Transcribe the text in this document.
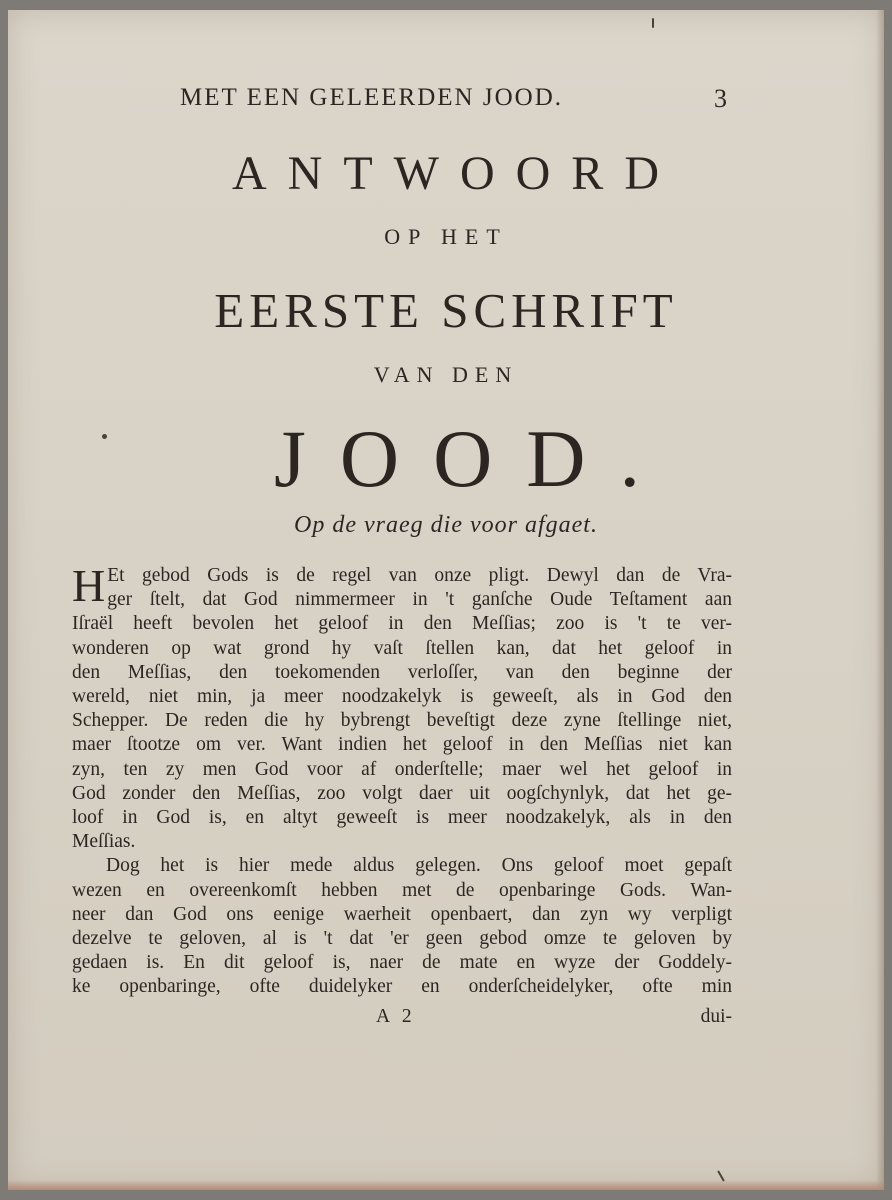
MET EEN GELEERDEN JOOD.	3
ANTWOORD
OP HET
EERSTE SCHRIFT
VAN DEN
JOOD.
Op de vraeg die voor afgaet.
H Et gebod Gods is de regel van onze pligt. Dewyl dan de Vra-
ger ſtelt, dat God nimmermeer in 't ganſche Oude Teſtament aan
Iſraël heeft bevolen het geloof in den Meſſias; zoo is 't te ver-
wonderen op wat grond hy vaſt ſtellen kan, dat het geloof in
den Meſſias, den toekomenden verloſſer, van den beginne der
wereld, niet min, ja meer noodzakelyk is geweeſt, als in God den
Schepper. De reden die hy bybrengt beveſtigt deze zyne ſtellinge niet,
maer ſtootze om ver. Want indien het geloof in den Meſſias niet kan
zyn, ten zy men God voor af onderſtelle; maer wel het geloof in
God zonder den Meſſias, zoo volgt daer uit oogſchynlyk, dat het ge-
loof in God is, en altyt geweeſt is meer noodzakelyk, als in den
Meſſias.
Dog het is hier mede aldus gelegen. Ons geloof moet gepaſt
wezen en overeenkomſt hebben met de openbaringe Gods. Wan-
neer dan God ons eenige waerheit openbaert, dan zyn wy verpligt
dezelve te geloven, al is 't dat 'er geen gebod omze te geloven by
gedaen is. En dit geloof is, naer de mate en wyze der Goddely-
ke openbaringe, ofte duidelyker en onderſcheidelyker, ofte min
A 2	dui-
